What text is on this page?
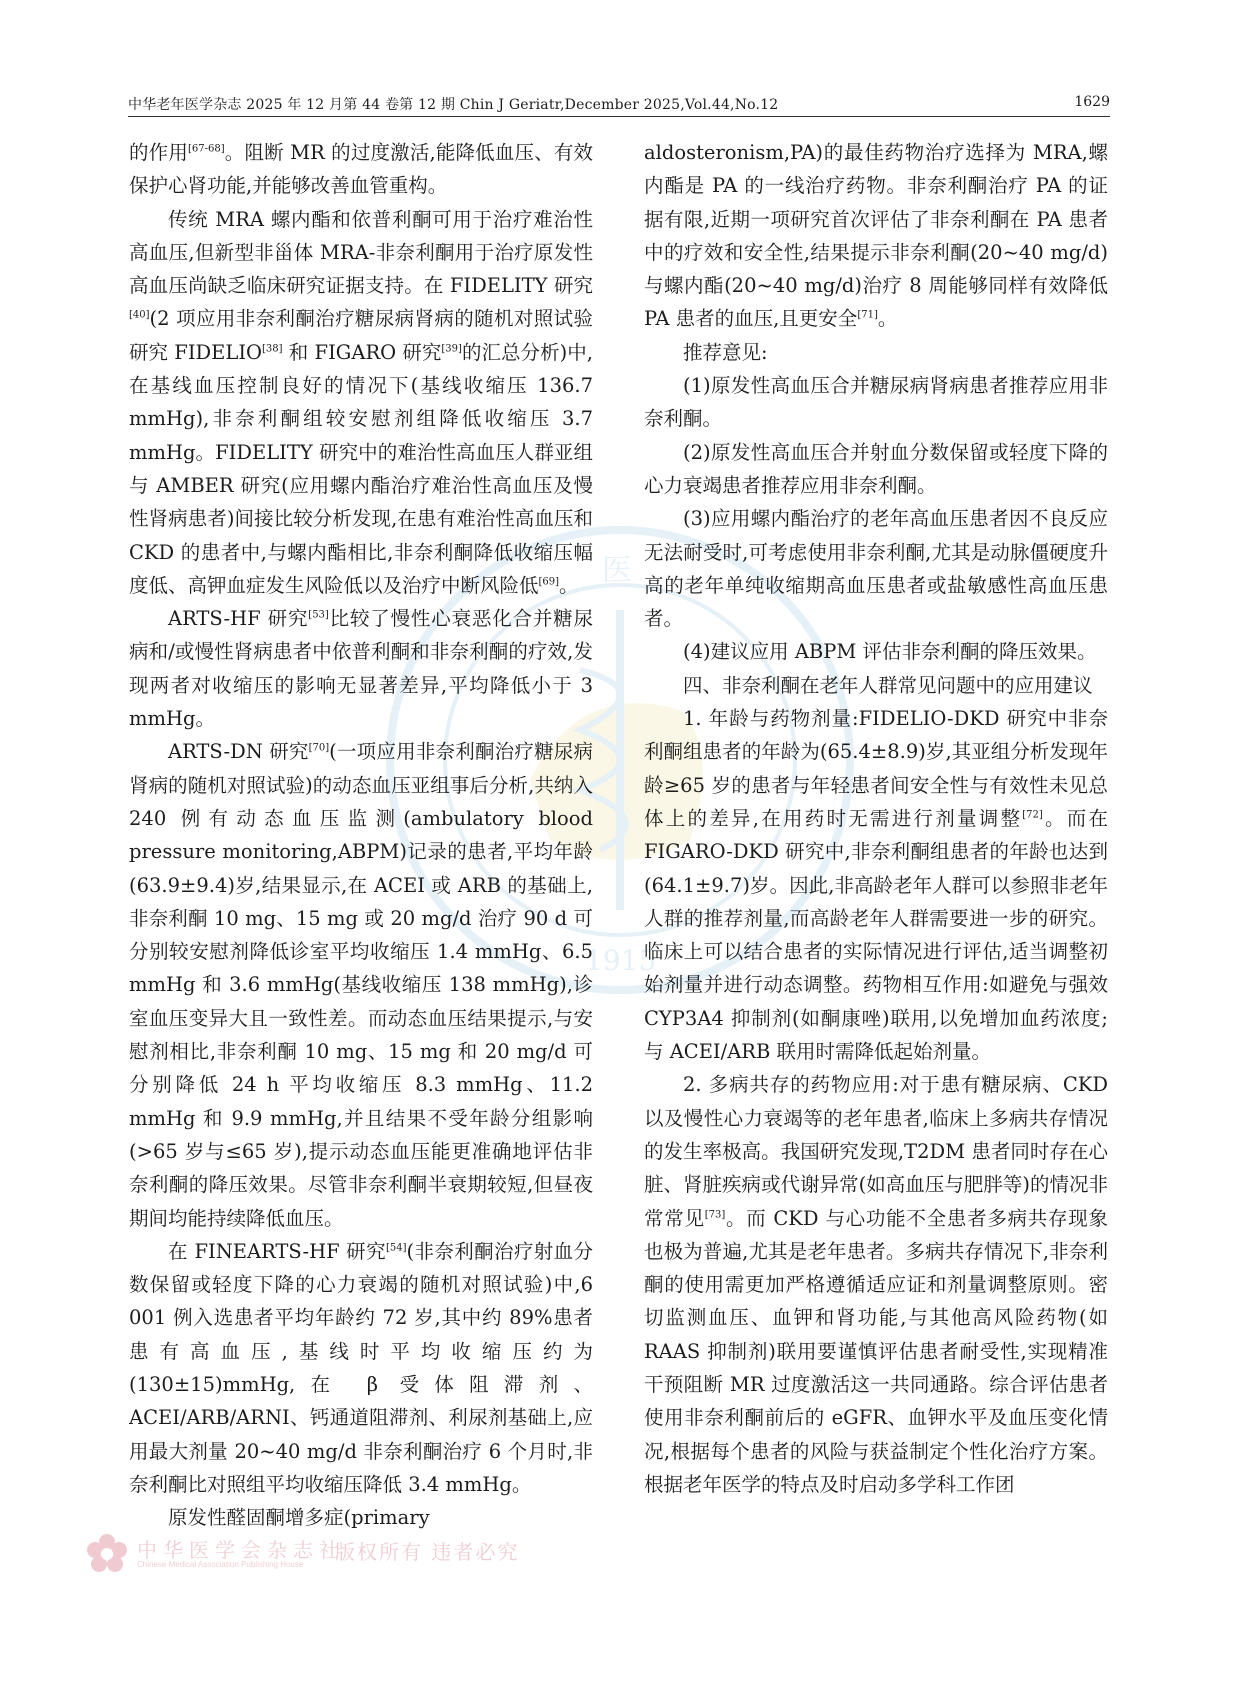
中华老年医学杂志 2025 年 12 月第 44 卷第 12 期 Chin J Geriatr,December 2025,Vol.44,No.12	1629
医
1915

的作用[67-68]。阻断 MR 的过度激活,能降低血压、有效保护心肾功能,并能够改善血管重构。

传统 MRA 螺内酯和依普利酮可用于治疗难治性高血压,但新型非甾体 MRA-非奈利酮用于治疗原发性高血压尚缺乏临床研究证据支持。在 FIDELITY 研究[40](2 项应用非奈利酮治疗糖尿病肾病的随机对照试验研究 FIDELIO[38] 和 FIGARO 研究[39]的汇总分析)中,在基线血压控制良好的情况下(基线收缩压 136.7 mmHg),非奈利酮组较安慰剂组降低收缩压 3.7 mmHg。FIDELITY 研究中的难治性高血压人群亚组与 AMBER 研究(应用螺内酯治疗难治性高血压及慢性肾病患者)间接比较分析发现,在患有难治性高血压和 CKD 的患者中,与螺内酯相比,非奈利酮降低收缩压幅度低、高钾血症发生风险低以及治疗中断风险低[69]。

ARTS-HF 研究[53]比较了慢性心衰恶化合并糖尿病和/或慢性肾病患者中依普利酮和非奈利酮的疗效,发现两者对收缩压的影响无显著差异,平均降低小于 3 mmHg。

ARTS-DN 研究[70](一项应用非奈利酮治疗糖尿病肾病的随机对照试验)的动态血压亚组事后分析,共纳入 240 例有动态血压监测(ambulatory blood pressure monitoring,ABPM)记录的患者,平均年龄(63.9±9.4)岁,结果显示,在 ACEI 或 ARB 的基础上,非奈利酮 10 mg、15 mg 或 20 mg/d 治疗 90 d 可分别较安慰剂降低诊室平均收缩压 1.4 mmHg、6.5 mmHg 和 3.6 mmHg(基线收缩压 138 mmHg),诊室血压变异大且一致性差。而动态血压结果提示,与安慰剂相比,非奈利酮 10 mg、15 mg 和 20 mg/d 可分别降低 24 h 平均收缩压 8.3 mmHg、11.2 mmHg 和 9.9 mmHg,并且结果不受年龄分组影响(>65 岁与≤65 岁),提示动态血压能更准确地评估非奈利酮的降压效果。尽管非奈利酮半衰期较短,但昼夜期间均能持续降低血压。

在 FINEARTS-HF 研究[54](非奈利酮治疗射血分数保留或轻度下降的心力衰竭的随机对照试验)中,6 001 例入选患者平均年龄约 72 岁,其中约 89%患者患有高血压,基线时平均收缩压约为(130±15)mmHg,在 β 受体阻滞剂、ACEI/ARB/ARNI、钙通道阻滞剂、利尿剂基础上,应用最大剂量 20~40 mg/d 非奈利酮治疗 6 个月时,非奈利酮比对照组平均收缩压降低 3.4 mmHg。

原发性醛固酮增多症(primary

aldosteronism,PA)的最佳药物治疗选择为 MRA,螺内酯是 PA 的一线治疗药物。非奈利酮治疗 PA 的证据有限,近期一项研究首次评估了非奈利酮在 PA 患者中的疗效和安全性,结果提示非奈利酮(20~40 mg/d)与螺内酯(20~40 mg/d)治疗 8 周能够同样有效降低 PA 患者的血压,且更安全[71]。

推荐意见:

(1)原发性高血压合并糖尿病肾病患者推荐应用非奈利酮。

(2)原发性高血压合并射血分数保留或轻度下降的心力衰竭患者推荐应用非奈利酮。

(3)应用螺内酯治疗的老年高血压患者因不良反应无法耐受时,可考虑使用非奈利酮,尤其是动脉僵硬度升高的老年单纯收缩期高血压患者或盐敏感性高血压患者。

(4)建议应用 ABPM 评估非奈利酮的降压效果。

四、非奈利酮在老年人群常见问题中的应用建议

1. 年龄与药物剂量:FIDELIO-DKD 研究中非奈利酮组患者的年龄为(65.4±8.9)岁,其亚组分析发现年龄≥65 岁的患者与年轻患者间安全性与有效性未见总体上的差异,在用药时无需进行剂量调整[72]。而在 FIGARO-DKD 研究中,非奈利酮组患者的年龄也达到(64.1±9.7)岁。因此,非高龄老年人群可以参照非老年人群的推荐剂量,而高龄老年人群需要进一步的研究。临床上可以结合患者的实际情况进行评估,适当调整初始剂量并进行动态调整。药物相互作用:如避免与强效 CYP3A4 抑制剂(如酮康唑)联用,以免增加血药浓度;与 ACEI/ARB 联用时需降低起始剂量。

2. 多病共存的药物应用:对于患有糖尿病、CKD 以及慢性心力衰竭等的老年患者,临床上多病共存情况的发生率极高。我国研究发现,T2DM 患者同时存在心脏、肾脏疾病或代谢异常(如高血压与肥胖等)的情况非常常见[73]。而 CKD 与心功能不全患者多病共存现象也极为普遍,尤其是老年患者。多病共存情况下,非奈利酮的使用需更加严格遵循适应证和剂量调整原则。密切监测血压、血钾和肾功能,与其他高风险药物(如 RAAS 抑制剂)联用要谨慎评估患者耐受性,实现精准干预阻断 MR 过度激活这一共同通路。综合评估患者使用非奈利酮前后的 eGFR、血钾水平及血压变化情况,根据每个患者的风险与获益制定个性化治疗方案。根据老年医学的特点及时启动多学科工作团

中华医学会杂志社
Chinese Medical Association Publishing House
版权所有 违者必究
